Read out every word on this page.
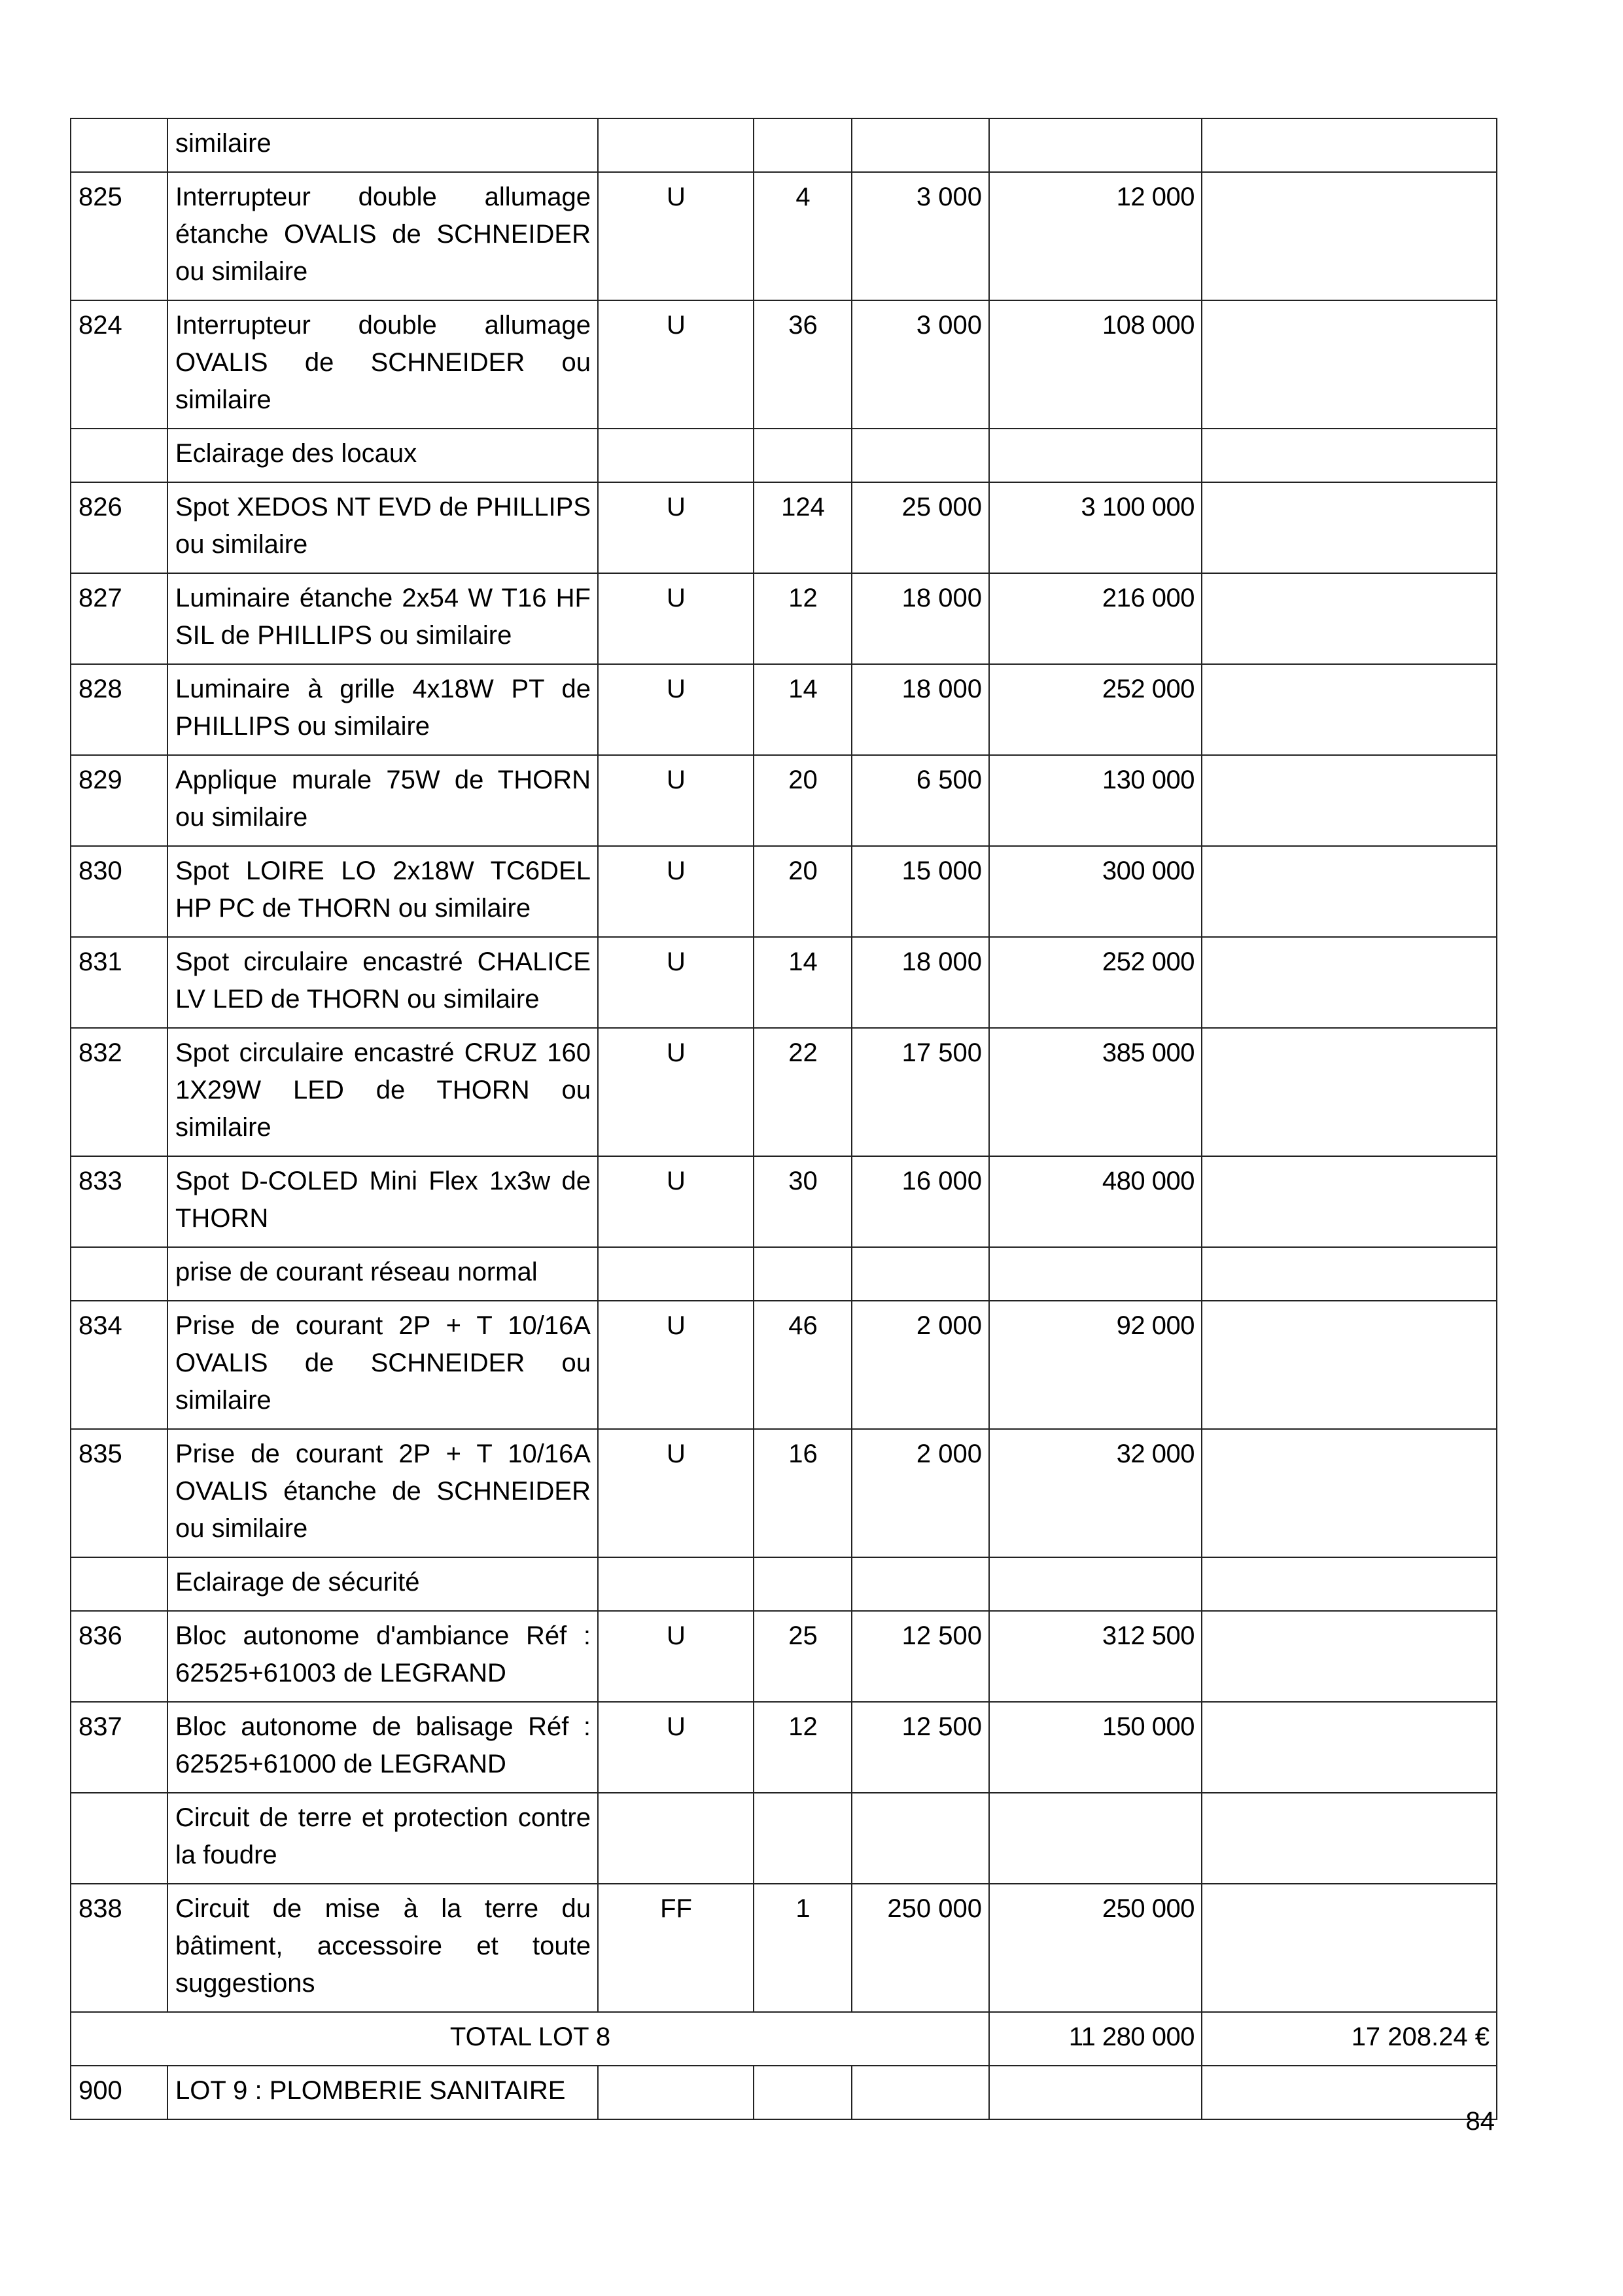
	similaire					
825	Interrupteur double allumage étanche OVALIS de SCHNEIDER ou similaire	U	4	3 000	12 000	
824	Interrupteur double allumage OVALIS de SCHNEIDER ou similaire	U	36	3 000	108 000	
	Eclairage des locaux					
826	Spot XEDOS NT EVD de PHILLIPS ou similaire	U	124	25 000	3 100 000	
827	Luminaire étanche 2x54 W T16 HF SIL de PHILLIPS ou similaire	U	12	18 000	216 000	
828	Luminaire à grille 4x18W PT de PHILLIPS ou similaire	U	14	18 000	252 000	
829	Applique murale 75W de THORN ou similaire	U	20	6 500	130 000	
830	Spot LOIRE LO 2x18W TC6DEL HP PC de THORN ou similaire	U	20	15 000	300 000	
831	Spot circulaire encastré CHALICE LV LED de THORN ou similaire	U	14	18 000	252 000	
832	Spot circulaire encastré CRUZ 160 1X29W LED de THORN ou similaire	U	22	17 500	385 000	
833	Spot D-COLED Mini Flex 1x3w de THORN	U	30	16 000	480 000	
	prise de courant réseau normal					
834	Prise de courant 2P + T 10/16A OVALIS de SCHNEIDER ou similaire	U	46	2 000	92 000	
835	Prise de courant 2P + T 10/16A OVALIS étanche de SCHNEIDER ou similaire	U	16	2 000	32 000	
	Eclairage de sécurité					
836	Bloc autonome d'ambiance Réf : 62525+61003 de LEGRAND	U	25	12 500	312 500	
837	Bloc autonome de balisage Réf : 62525+61000 de LEGRAND	U	12	12 500	150 000	
	Circuit de terre et protection contre la foudre					
838	Circuit de mise à la terre du bâtiment, accessoire et toute suggestions	FF	1	250 000	250 000	
TOTAL LOT 8					11 280 000	17 208.24 €
900	LOT 9 : PLOMBERIE SANITAIRE					
84
